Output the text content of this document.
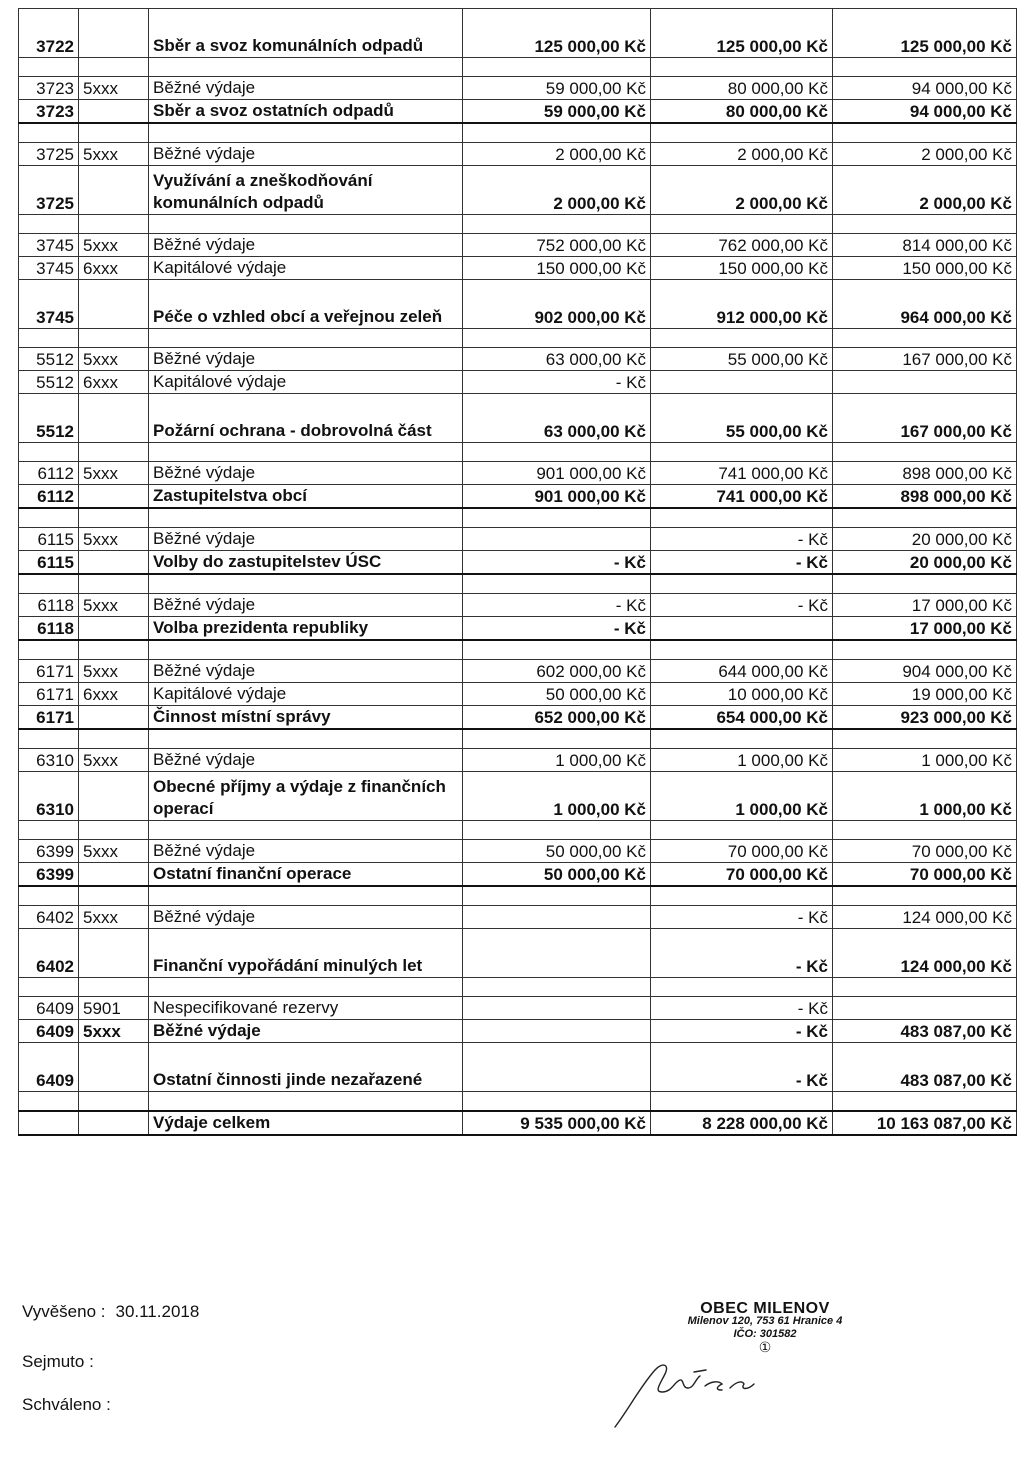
3722		Sběr a svoz komunálních odpadů	125 000,00 Kč	125 000,00 Kč	125 000,00 Kč

3723	5xxx	Běžné výdaje	59 000,00 Kč	80 000,00 Kč	94 000,00 Kč
3723		Sběr a svoz ostatních odpadů	59 000,00 Kč	80 000,00 Kč	94 000,00 Kč

3725	5xxx	Běžné výdaje	2 000,00 Kč	2 000,00 Kč	2 000,00 Kč
3725		Využívání a zneškodňování komunálních odpadů	2 000,00 Kč	2 000,00 Kč	2 000,00 Kč

3745	5xxx	Běžné výdaje	752 000,00 Kč	762 000,00 Kč	814 000,00 Kč
3745	6xxx	Kapitálové výdaje	150 000,00 Kč	150 000,00 Kč	150 000,00 Kč
3745		Péče o vzhled obcí a veřejnou zeleň	902 000,00 Kč	912 000,00 Kč	964 000,00 Kč

5512	5xxx	Běžné výdaje	63 000,00 Kč	55 000,00 Kč	167 000,00 Kč
5512	6xxx	Kapitálové výdaje	- Kč		
5512		Požární ochrana - dobrovolná část	63 000,00 Kč	55 000,00 Kč	167 000,00 Kč

6112	5xxx	Běžné výdaje	901 000,00 Kč	741 000,00 Kč	898 000,00 Kč
6112		Zastupitelstva obcí	901 000,00 Kč	741 000,00 Kč	898 000,00 Kč

6115	5xxx	Běžné výdaje		- Kč	20 000,00 Kč
6115		Volby do zastupitelstev ÚSC	- Kč	- Kč	20 000,00 Kč

6118	5xxx	Běžné výdaje	- Kč	- Kč	17 000,00 Kč
6118		Volba prezidenta republiky	- Kč		17 000,00 Kč

6171	5xxx	Běžné výdaje	602 000,00 Kč	644 000,00 Kč	904 000,00 Kč
6171	6xxx	Kapitálové výdaje	50 000,00 Kč	10 000,00 Kč	19 000,00 Kč
6171		Činnost místní správy	652 000,00 Kč	654 000,00 Kč	923 000,00 Kč

6310	5xxx	Běžné výdaje	1 000,00 Kč	1 000,00 Kč	1 000,00 Kč
6310		Obecné příjmy a výdaje z finančních operací	1 000,00 Kč	1 000,00 Kč	1 000,00 Kč

6399	5xxx	Běžné výdaje	50 000,00 Kč	70 000,00 Kč	70 000,00 Kč
6399		Ostatní finanční operace	50 000,00 Kč	70 000,00 Kč	70 000,00 Kč

6402	5xxx	Běžné výdaje		- Kč	124 000,00 Kč
6402		Finanční vypořádání minulých let		- Kč	124 000,00 Kč

6409	5901	Nespecifikované rezervy		- Kč	
6409	5xxx	Běžné výdaje		- Kč	483 087,00 Kč
6409		Ostatní činnosti jinde nezařazené		- Kč	483 087,00 Kč

		Výdaje celkem	9 535 000,00 Kč	8 228 000,00 Kč	10 163 087,00 Kč
Vyvěšeno : 30.11.2018
Sejmuto :
Schváleno :
OBEC MILENOV
Milenov 120, 753 61 Hranice 4
IČO: 301582
①
